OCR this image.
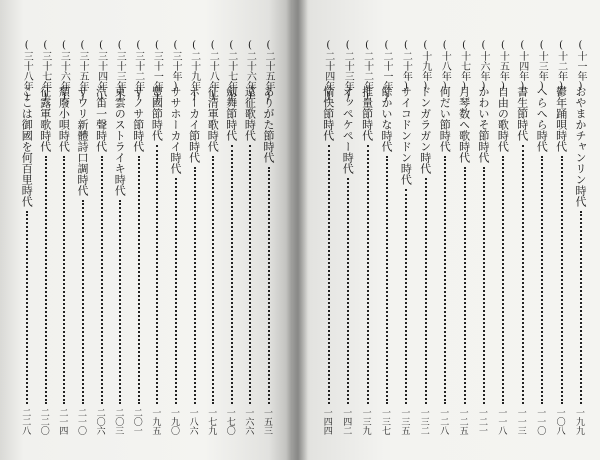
(二十五年)
ありがた節時代
一五三
(二十六年)
遠征歌時代
一六六
(二十七年)
劔舞節時代
一七〇
(二十八年)
征清軍歌時代
一七九
(二十九年)
ホーカイ節時代
一八六
(三十年)
ササホーカイ時代
一九〇
(三十一年)
豐國節時代
一九五
(三十二年)
サノサ節時代
二〇一
(三十三年)
東雲のストライキ時代
二〇三
(三十四年)
汽笛一聲時代
二〇六
(三十五年)
サワリ新體詩口調時代
二一〇
(三十六年)
頽廢小唄時代
二一四
(三十七年)
征露軍歌時代
二二〇
(三十八年)
ここは御國を何百里時代
二二八
(十一年)
おやまかチャンリン時代
一九九
(十二年)
鬱年踊唄時代
一〇八
(十三年)
へらへら時代
一一〇
(十四年)
書生節時代
一一三
(十五年)
自由の歌時代
一一八
(十六年)
かわいそ節時代
一二一
(十七年)
月琴数ヘ歌時代
一二五
(十八年)
何だい節時代
一二八
(十九年)
ドンガラガン時代
一三二
(二十年)
サイコドンドン時代
一三五
(二十一年)
餘かいな時代
一三七
(二十二年)
推量節時代
一三九
(二十三年)
オッペケペー時代
一四二
(二十四年)
愉快節時代
一四四
